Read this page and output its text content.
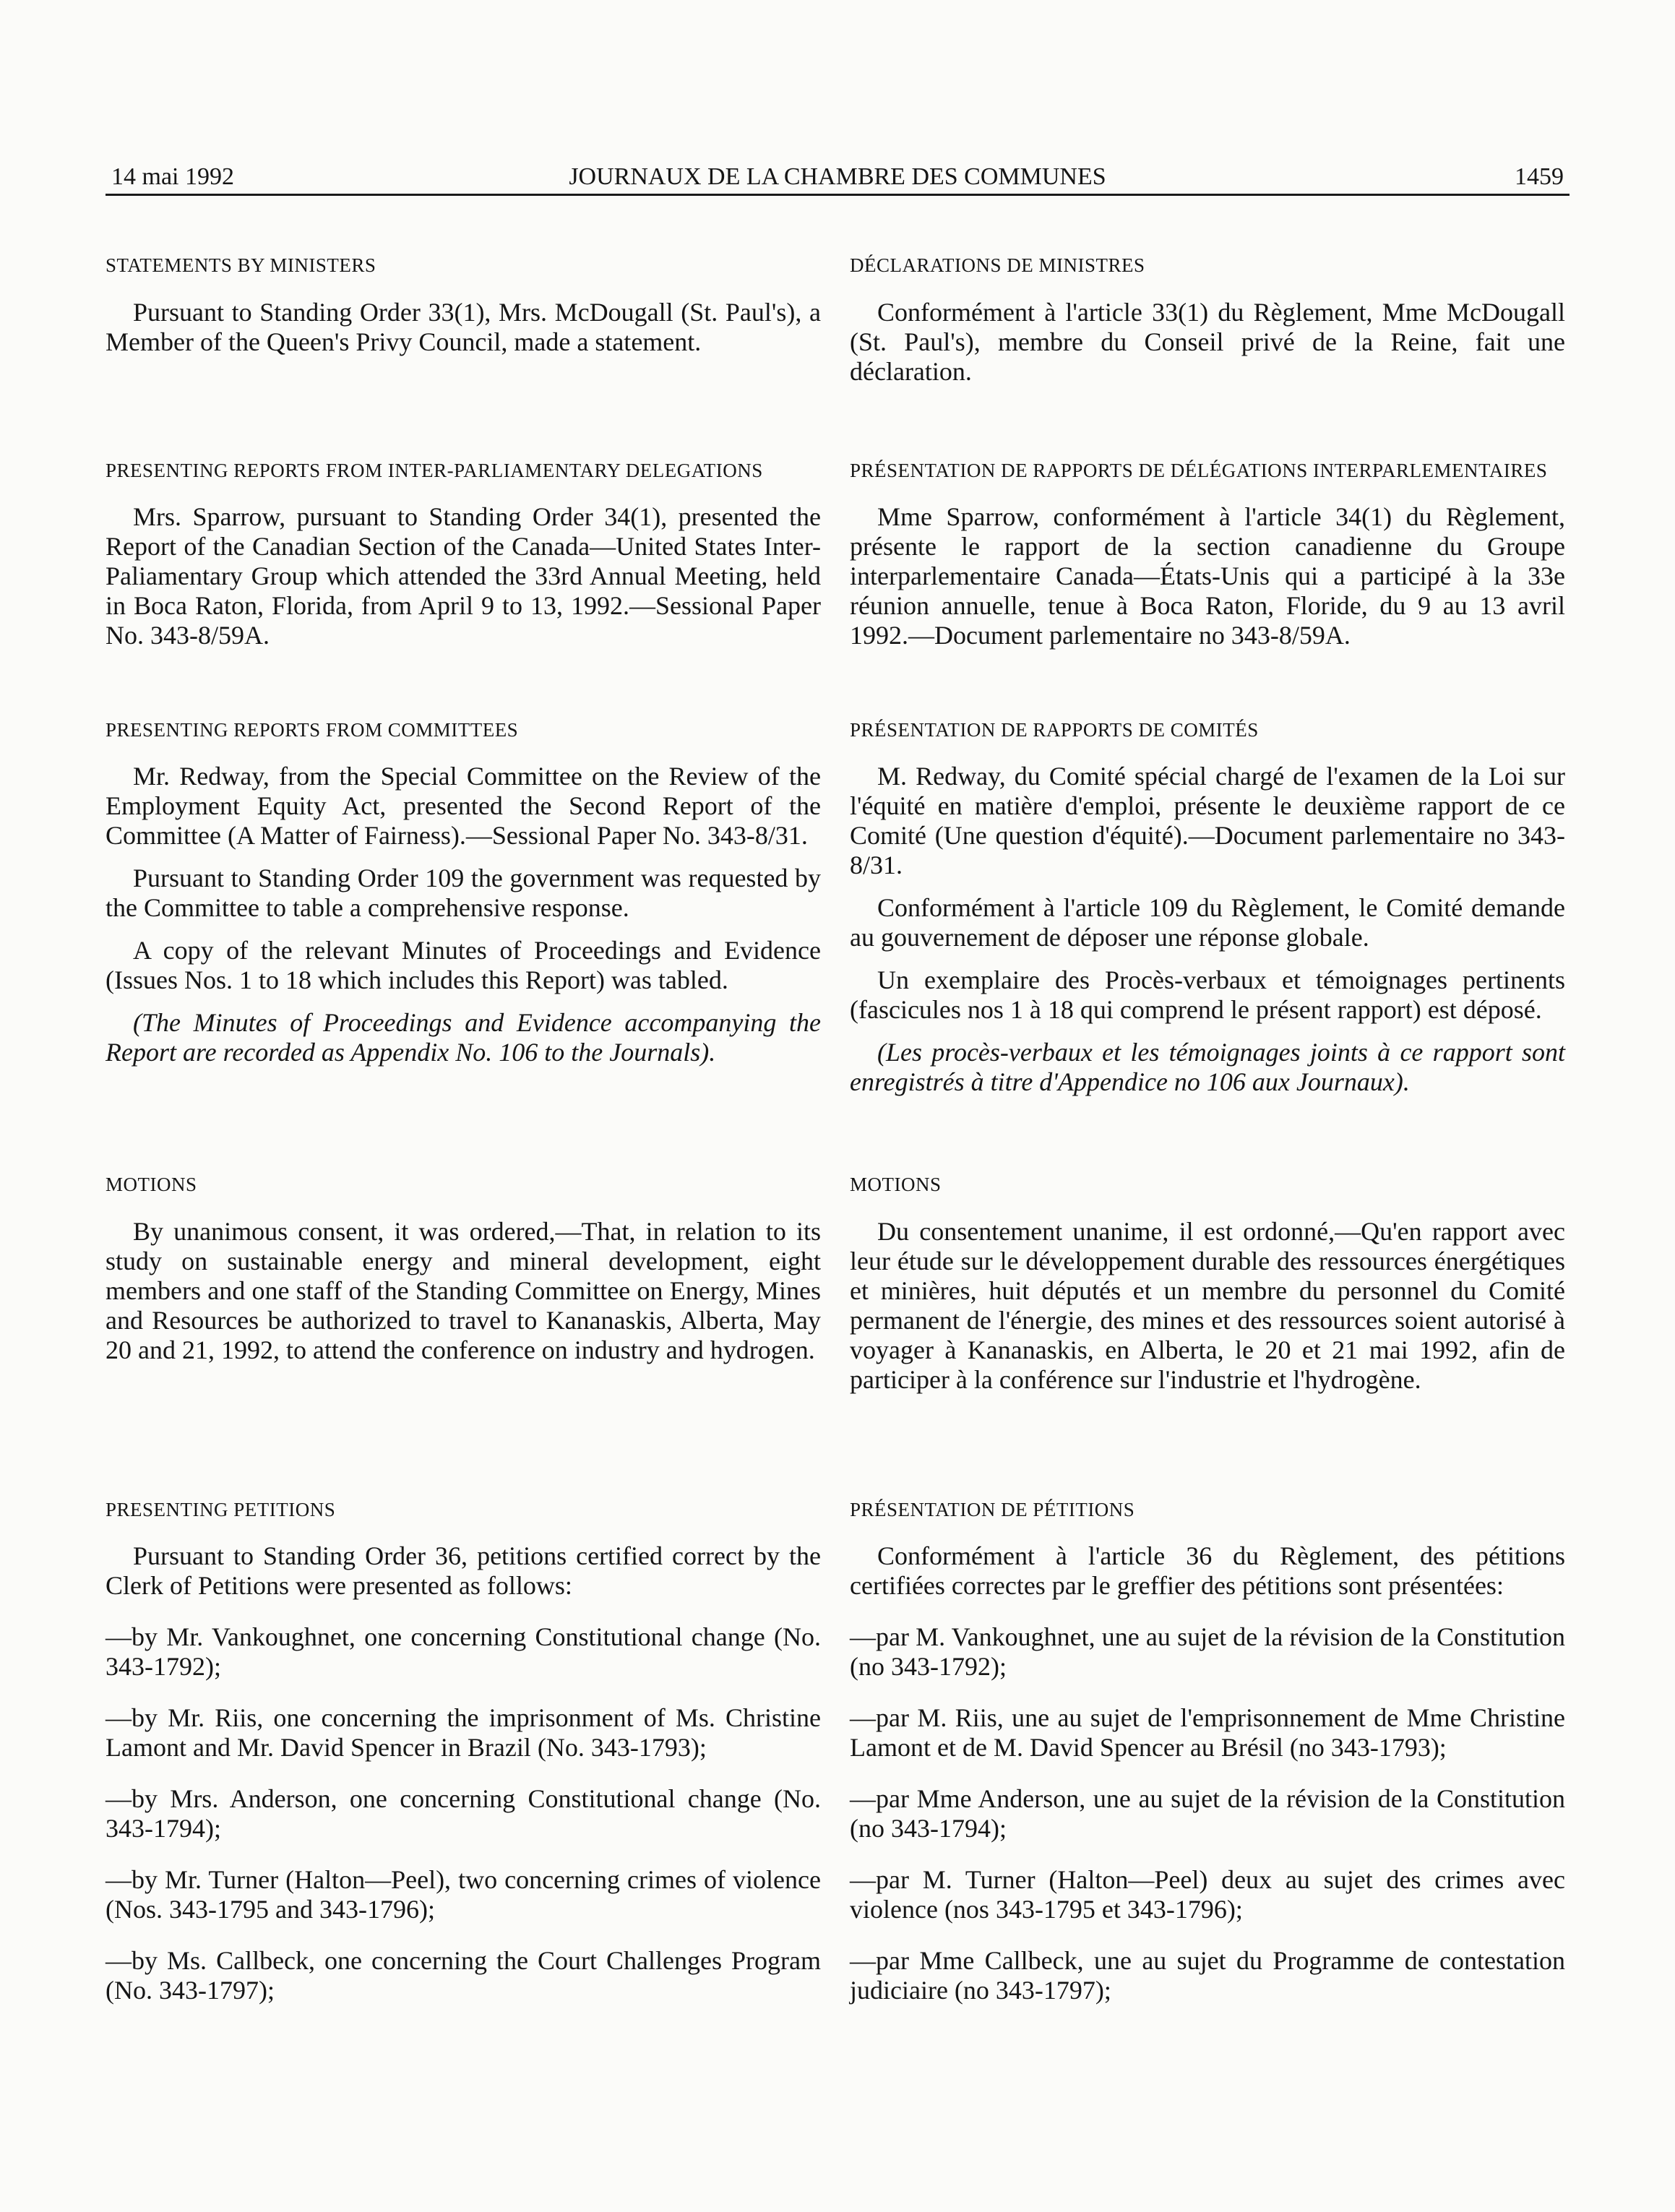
14 mai 1992	JOURNAUX DE LA CHAMBRE DES COMMUNES	1459
STATEMENTS BY MINISTERS

Pursuant to Standing Order 33(1), Mrs. McDougall (St. Paul's), a Member of the Queen's Privy Council, made a statement.

PRESENTING REPORTS FROM INTER-PARLIAMENTARY DELEGATIONS

Mrs. Sparrow, pursuant to Standing Order 34(1), presented the Report of the Canadian Section of the Canada—United States Inter-Paliamentary Group which attended the 33rd Annual Meeting, held in Boca Raton, Florida, from April 9 to 13, 1992.—Sessional Paper No. 343-8/59A.

PRESENTING REPORTS FROM COMMITTEES

Mr. Redway, from the Special Committee on the Review of the Employment Equity Act, presented the Second Report of the Committee (A Matter of Fairness).—Sessional Paper No. 343-8/31.

Pursuant to Standing Order 109 the government was requested by the Committee to table a comprehensive response.

A copy of the relevant Minutes of Proceedings and Evidence (Issues Nos. 1 to 18 which includes this Report) was tabled.

(The Minutes of Proceedings and Evidence accompanying the Report are recorded as Appendix No. 106 to the Journals).

MOTIONS

By unanimous consent, it was ordered,—That, in relation to its study on sustainable energy and mineral development, eight members and one staff of the Standing Committee on Energy, Mines and Resources be authorized to travel to Kananaskis, Alberta, May 20 and 21, 1992, to attend the conference on industry and hydrogen.

PRESENTING PETITIONS

Pursuant to Standing Order 36, petitions certified correct by the Clerk of Petitions were presented as follows:

—by Mr. Vankoughnet, one concerning Constitutional change (No. 343-1792);

—by Mr. Riis, one concerning the imprisonment of Ms. Christine Lamont and Mr. David Spencer in Brazil (No. 343-1793);

—by Mrs. Anderson, one concerning Constitutional change (No. 343-1794);

—by Mr. Turner (Halton—Peel), two concerning crimes of violence (Nos. 343-1795 and 343-1796);

—by Ms. Callbeck, one concerning the Court Challenges Program (No. 343-1797);

DÉCLARATIONS DE MINISTRES

Conformément à l'article 33(1) du Règlement, Mme McDougall (St. Paul's), membre du Conseil privé de la Reine, fait une déclaration.

PRÉSENTATION DE RAPPORTS DE DÉLÉGATIONS INTERPARLEMENTAIRES

Mme Sparrow, conformément à l'article 34(1) du Règlement, présente le rapport de la section canadienne du Groupe interparlementaire Canada—États-Unis qui a participé à la 33e réunion annuelle, tenue à Boca Raton, Floride, du 9 au 13 avril 1992.—Document parlementaire no 343-8/59A.

PRÉSENTATION DE RAPPORTS DE COMITÉS

M. Redway, du Comité spécial chargé de l'examen de la Loi sur l'équité en matière d'emploi, présente le deuxième rapport de ce Comité (Une question d'équité).—Document parlementaire no 343-8/31.

Conformément à l'article 109 du Règlement, le Comité demande au gouvernement de déposer une réponse globale.

Un exemplaire des Procès-verbaux et témoignages pertinents (fascicules nos 1 à 18 qui comprend le présent rapport) est déposé.

(Les procès-verbaux et les témoignages joints à ce rapport sont enregistrés à titre d'Appendice no 106 aux Journaux).

MOTIONS

Du consentement unanime, il est ordonné,—Qu'en rapport avec leur étude sur le développement durable des ressources énergétiques et minières, huit députés et un membre du personnel du Comité permanent de l'énergie, des mines et des ressources soient autorisé à voyager à Kananaskis, en Alberta, le 20 et 21 mai 1992, afin de participer à la conférence sur l'industrie et l'hydrogène.

PRÉSENTATION DE PÉTITIONS

Conformément à l'article 36 du Règlement, des pétitions certifiées correctes par le greffier des pétitions sont présentées:

—par M. Vankoughnet, une au sujet de la révision de la Constitution (no 343-1792);

—par M. Riis, une au sujet de l'emprisonnement de Mme Christine Lamont et de M. David Spencer au Brésil (no 343-1793);

—par Mme Anderson, une au sujet de la révision de la Constitution (no 343-1794);

—par M. Turner (Halton—Peel) deux au sujet des crimes avec violence (nos 343-1795 et 343-1796);

—par Mme Callbeck, une au sujet du Programme de contestation judiciaire (no 343-1797);
